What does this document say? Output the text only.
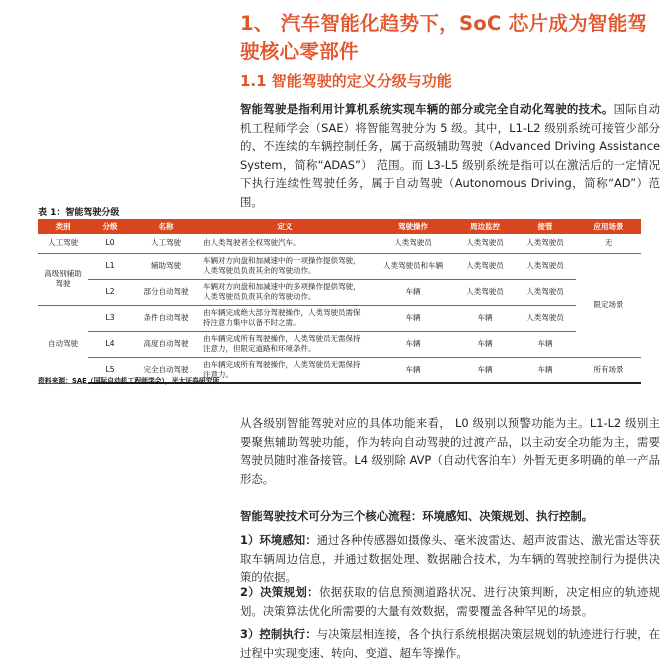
1、 汽车智能化趋势下，SoC 芯片成为智能驾驶核心零部件
1.1 智能驾驶的定义分级与功能
智能驾驶是指利用计算机系统实现车辆的部分或完全自动化驾驶的技术。国际自动机工程师学会（SAE）将智能驾驶分为 5 级。其中，L1-L2 级别系统可接管少部分的、不连续的车辆控制任务，属于高级辅助驾驶（Advanced Driving Assistance System，简称“ADAS”） 范围。而 L3-L5 级别系统是指可以在激活后的一定情况下执行连续性驾驶任务，属于自动驾驶（Autonomous Driving，简称“AD”）范围。
表 1：智能驾驶分级
类别	分级	名称	定义	驾驶操作	周边监控	接管	应用场景
人工驾驶	L0	人工驾驶	由人类驾驶者全权驾驶汽车。	人类驾驶员	人类驾驶员	人类驾驶员	无
高级别辅助驾驶	L1	辅助驾驶	车辆对方向盘和加减速中的一项操作提供驾驶，人类驾驶员负责其余的驾驶动作。	人类驾驶员和车辆	人类驾驶员	人类驾驶员	限定场景
	L2	部分自动驾驶	车辆对方向盘和加减速中的多项操作提供驾驶，人类驾驶员负责其余的驾驶动作。	车辆	人类驾驶员	人类驾驶员	
自动驾驶	L3	条件自动驾驶	由车辆完成绝大部分驾驶操作，人类驾驶员需保持注意力集中以备不时之需。	车辆	车辆	人类驾驶员	
	L4	高度自动驾驶	由车辆完成所有驾驶操作，人类驾驶员无需保持注意力，但限定道路和环境条件。	车辆	车辆	车辆	
	L5	完全自动驾驶	由车辆完成所有驾驶操作，人类驾驶员无需保持注意力。	车辆	车辆	车辆	所有场景
资料来源：SAE（国际自动机工程师学会），光大证券研究所
从各级别智能驾驶对应的具体功能来看， L0 级别以预警功能为主。L1-L2 级别主要聚焦辅助驾驶功能，作为转向自动驾驶的过渡产品，以主动安全功能为主，需要驾驶员随时准备接管。L4 级别除 AVP（自动代客泊车）外暂无更多明确的单一产品形态。
智能驾驶技术可分为三个核心流程：环境感知、决策规划、执行控制。
1）环境感知：通过各种传感器如摄像头、毫米波雷达、超声波雷达、激光雷达等获取车辆周边信息，并通过数据处理、数据融合技术，为车辆的驾驶控制行为提供决策的依据。
2）决策规划：依据获取的信息预测道路状况、进行决策判断，决定相应的轨迹规划。决策算法优化所需要的大量有效数据，需要覆盖各种罕见的场景。
3）控制执行：与决策层相连接，各个执行系统根据决策层规划的轨迹进行行驶，在过程中实现变速、转向、变道、超车等操作。
